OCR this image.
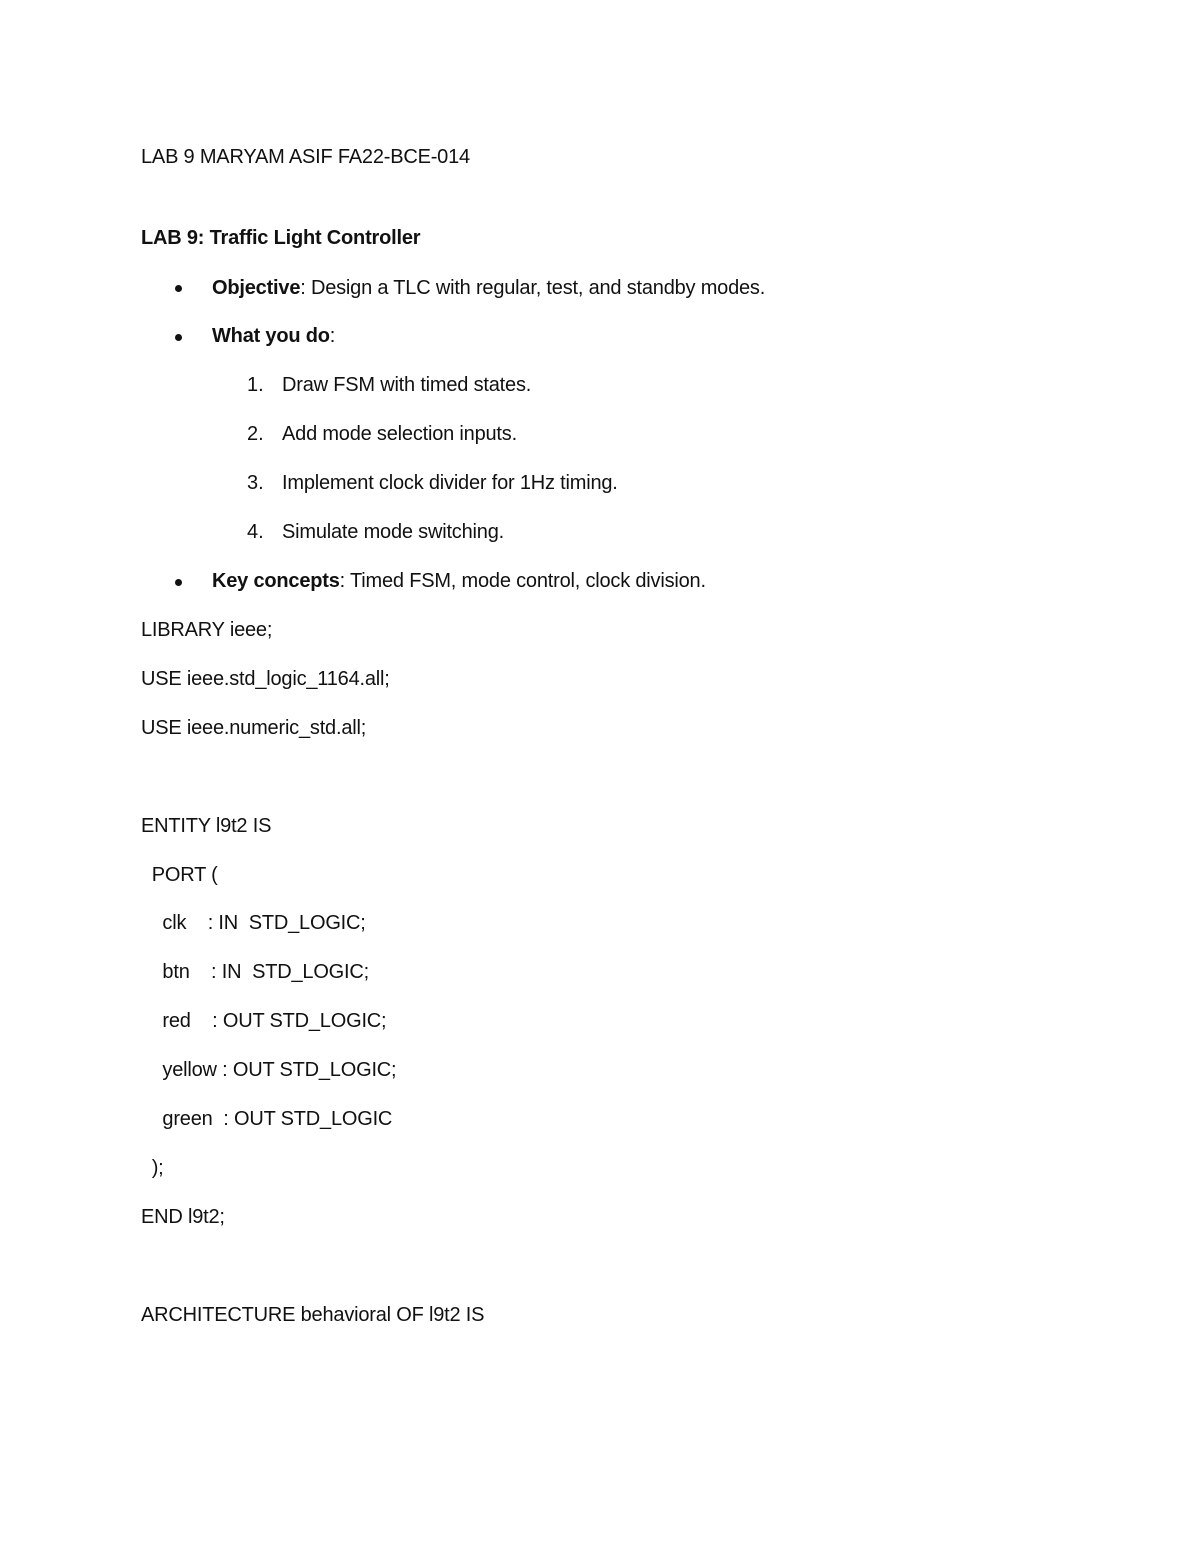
LAB 9 MARYAM ASIF FA22-BCE-014
LAB 9: Traffic Light Controller
Objective: Design a TLC with regular, test, and standby modes.
What you do:
1. Draw FSM with timed states.
2. Add mode selection inputs.
3. Implement clock divider for 1Hz timing.
4. Simulate mode switching.
Key concepts: Timed FSM, mode control, clock division.
LIBRARY ieee;
USE ieee.std_logic_1164.all;
USE ieee.numeric_std.all;
ENTITY l9t2 IS
PORT (
clk    : IN  STD_LOGIC;
btn    : IN  STD_LOGIC;
red    : OUT STD_LOGIC;
yellow : OUT STD_LOGIC;
green  : OUT STD_LOGIC
);
END l9t2;
ARCHITECTURE behavioral OF l9t2 IS
